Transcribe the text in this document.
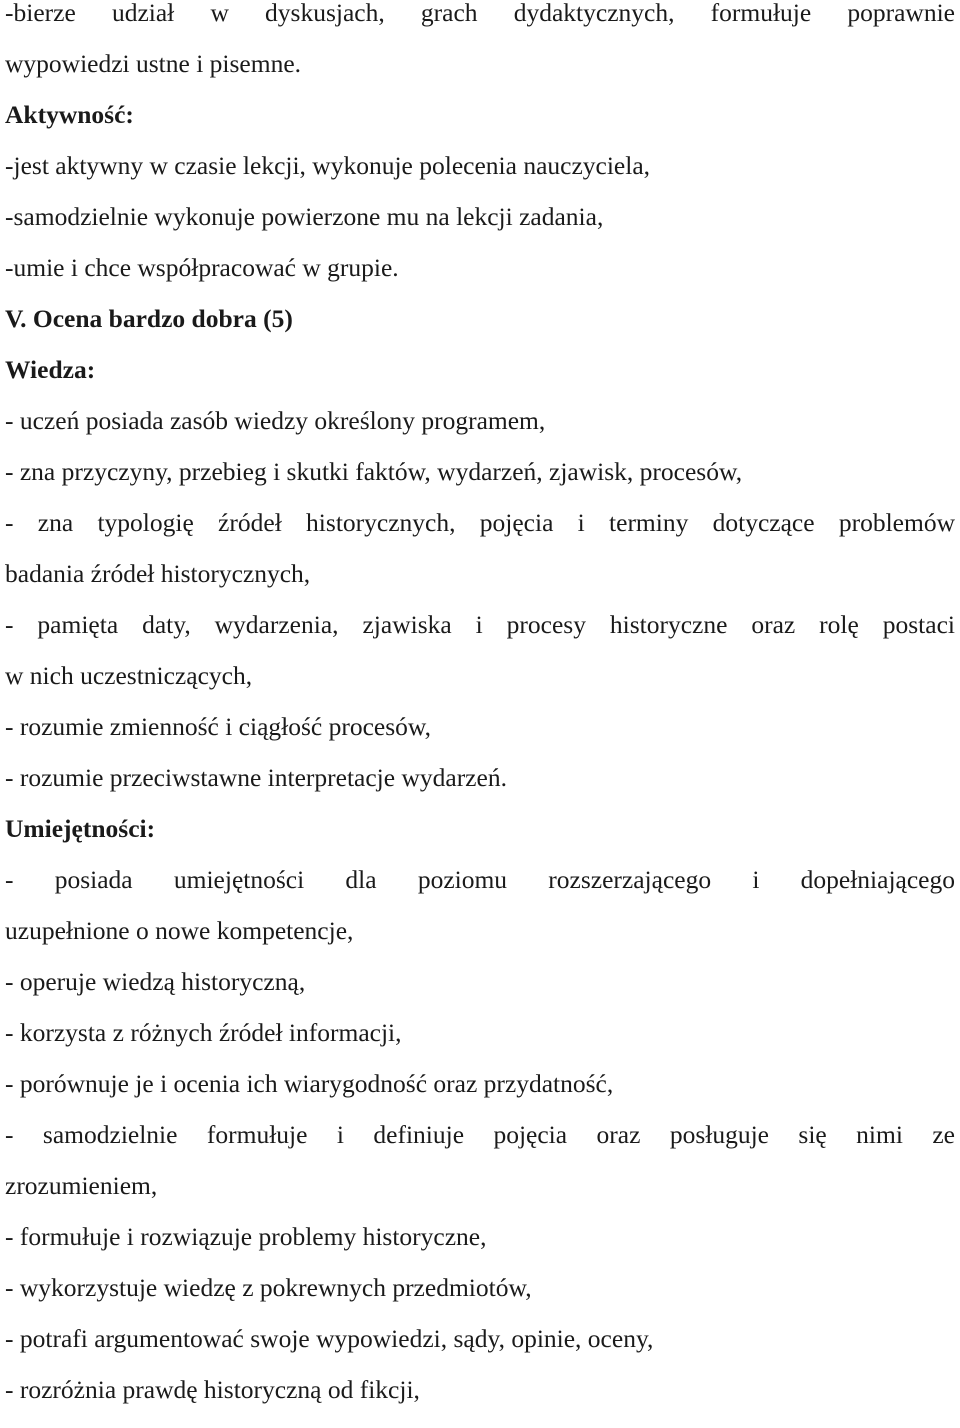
-bierze udział w dyskusjach, grach dydaktycznych, formułuje poprawnie

wypowiedzi ustne i pisemne.

Aktywność:

-jest aktywny w czasie lekcji, wykonuje polecenia nauczyciela,

-samodzielnie wykonuje powierzone mu na lekcji zadania,

-umie i chce współpracować w grupie.

V. Ocena bardzo dobra (5)

Wiedza:

- uczeń posiada zasób wiedzy określony programem,

- zna przyczyny, przebieg i skutki faktów, wydarzeń, zjawisk, procesów,

- zna typologię źródeł historycznych, pojęcia i terminy dotyczące problemów

badania źródeł historycznych,

- pamięta daty, wydarzenia, zjawiska i procesy historyczne oraz rolę postaci

w nich uczestniczących,

- rozumie zmienność i ciągłość procesów,

- rozumie przeciwstawne interpretacje wydarzeń.

Umiejętności:

- posiada umiejętności dla poziomu rozszerzającego i dopełniającego

uzupełnione o nowe kompetencje,

- operuje wiedzą historyczną,

- korzysta z różnych źródeł informacji,

- porównuje je i ocenia ich wiarygodność oraz przydatność,

- samodzielnie formułuje i definiuje pojęcia oraz posługuje się nimi ze

zrozumieniem,

- formułuje i rozwiązuje problemy historyczne,

- wykorzystuje wiedzę z pokrewnych przedmiotów,

- potrafi argumentować swoje wypowiedzi, sądy, opinie, oceny,

- rozróżnia prawdę historyczną od fikcji,
